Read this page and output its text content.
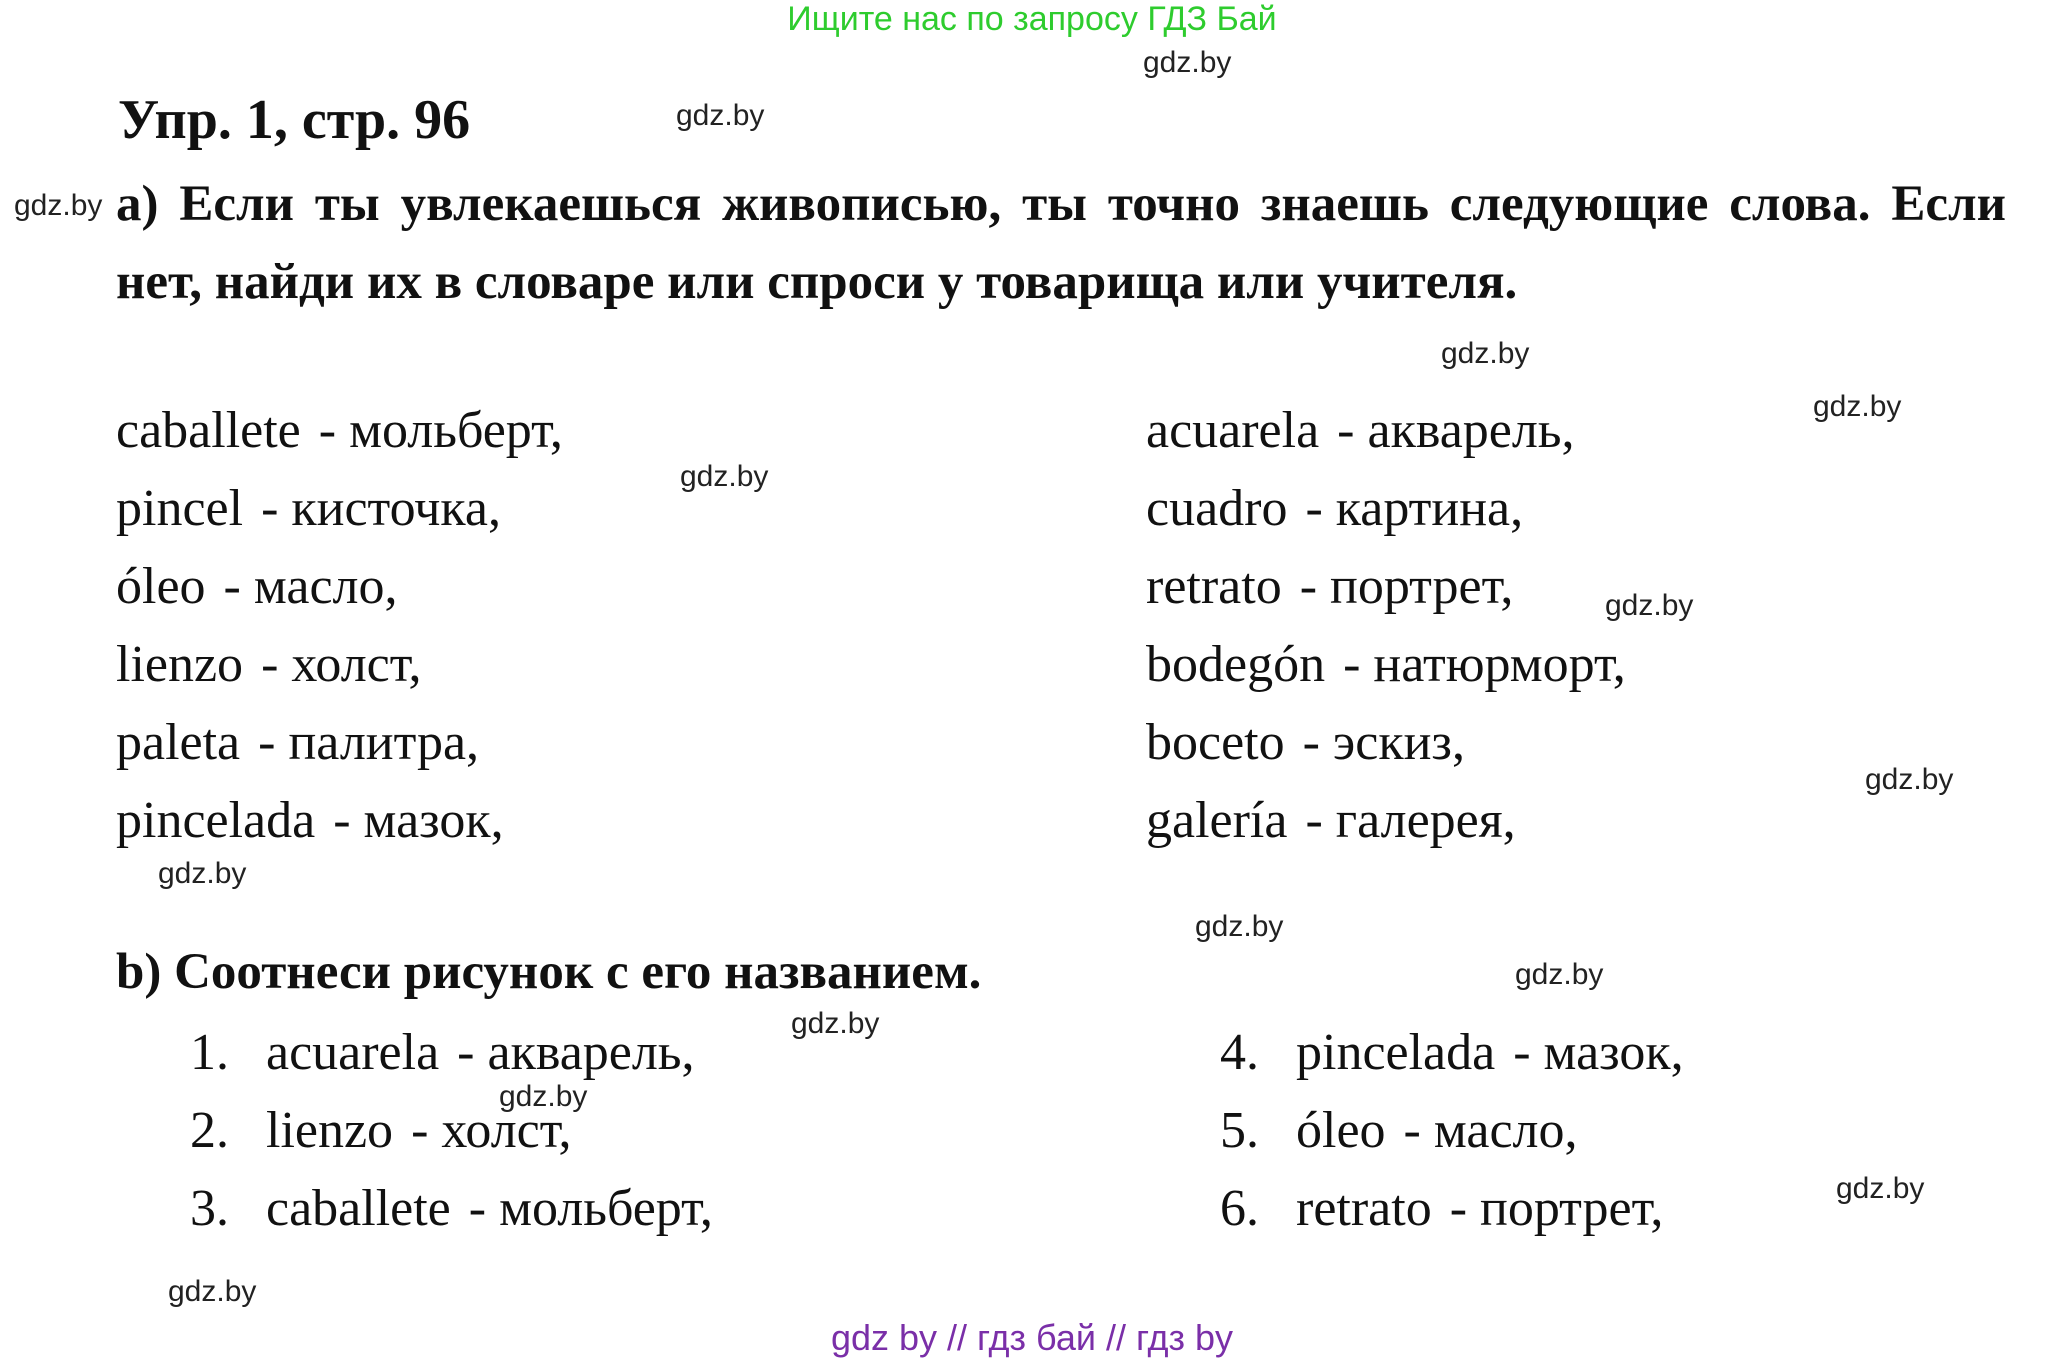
Ищите нас по запросу ГДЗ Бай
Упр. 1, стр. 96
a) Если ты увлекаешься живописью, ты точно знаешь следующие слова. Если нет, найди их в словаре или спроси у товарища или учителя.
caballete - мольберт,
pincel - кисточка,
óleo - масло,
lienzo - холст,
paleta - палитра,
pincelada - мазок,
acuarela - акварель,
cuadro - картина,
retrato - портрет,
bodegón - натюрморт,
boceto - эскиз,
galería - галерея,
b) Соотнеси рисунок с его названием.
1. acuarela - акварель,
2. lienzo - холст,
3. caballete - мольберт,
4. pincelada - мазок,
5. óleo - масло,
6. retrato - портрет,
gdz.by
gdz.by
gdz.by
gdz.by
gdz.by
gdz.by
gdz.by
gdz.by
gdz.by
gdz.by
gdz.by
gdz.by
gdz.by
gdz.by
gdz.by
gdz by // гдз бай // гдз by
